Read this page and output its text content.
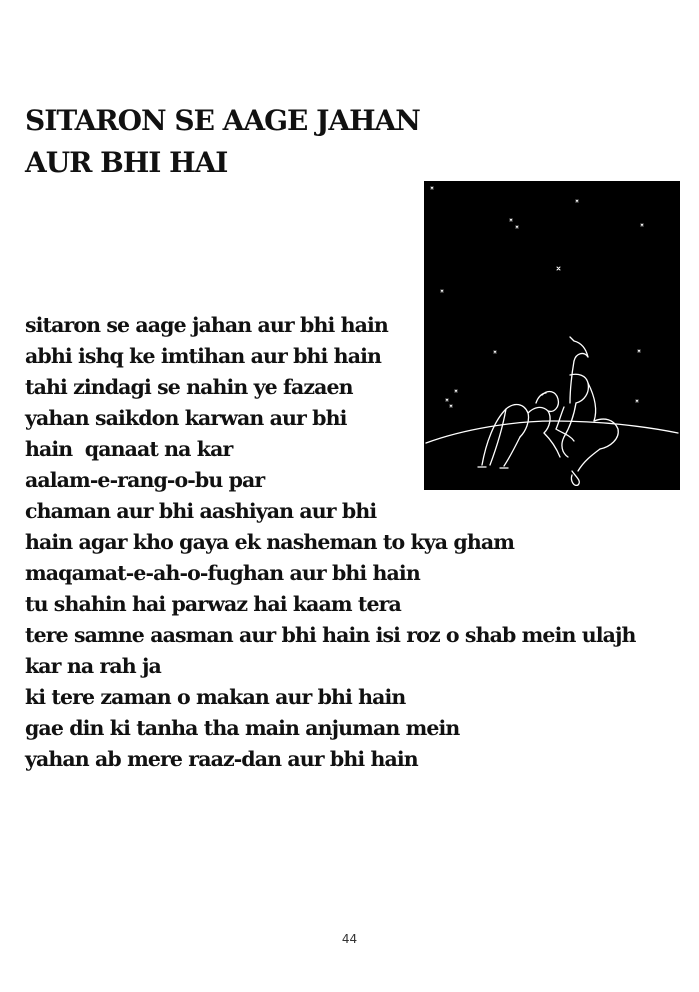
SITARON SE AAGE JAHAN
AUR BHI HAI
sitaron se aage jahan aur bhi hain
abhi ishq ke imtihan aur bhi hain
tahi zindagi se nahin ye fazaen
yahan saikdon karwan aur bhi
hain  qanaat na kar
aalam-e-rang-o-bu par
chaman aur bhi aashiyan aur bhi
hain agar kho gaya ek nasheman to kya gham
maqamat-e-ah-o-fughan aur bhi hain
tu shahin hai parwaz hai kaam tera
tere samne aasman aur bhi hain isi roz o shab mein ulajh
kar na rah ja
ki tere zaman o makan aur bhi hain
gae din ki tanha tha main anjuman mein
yahan ab mere raaz-dan aur bhi hain
44
